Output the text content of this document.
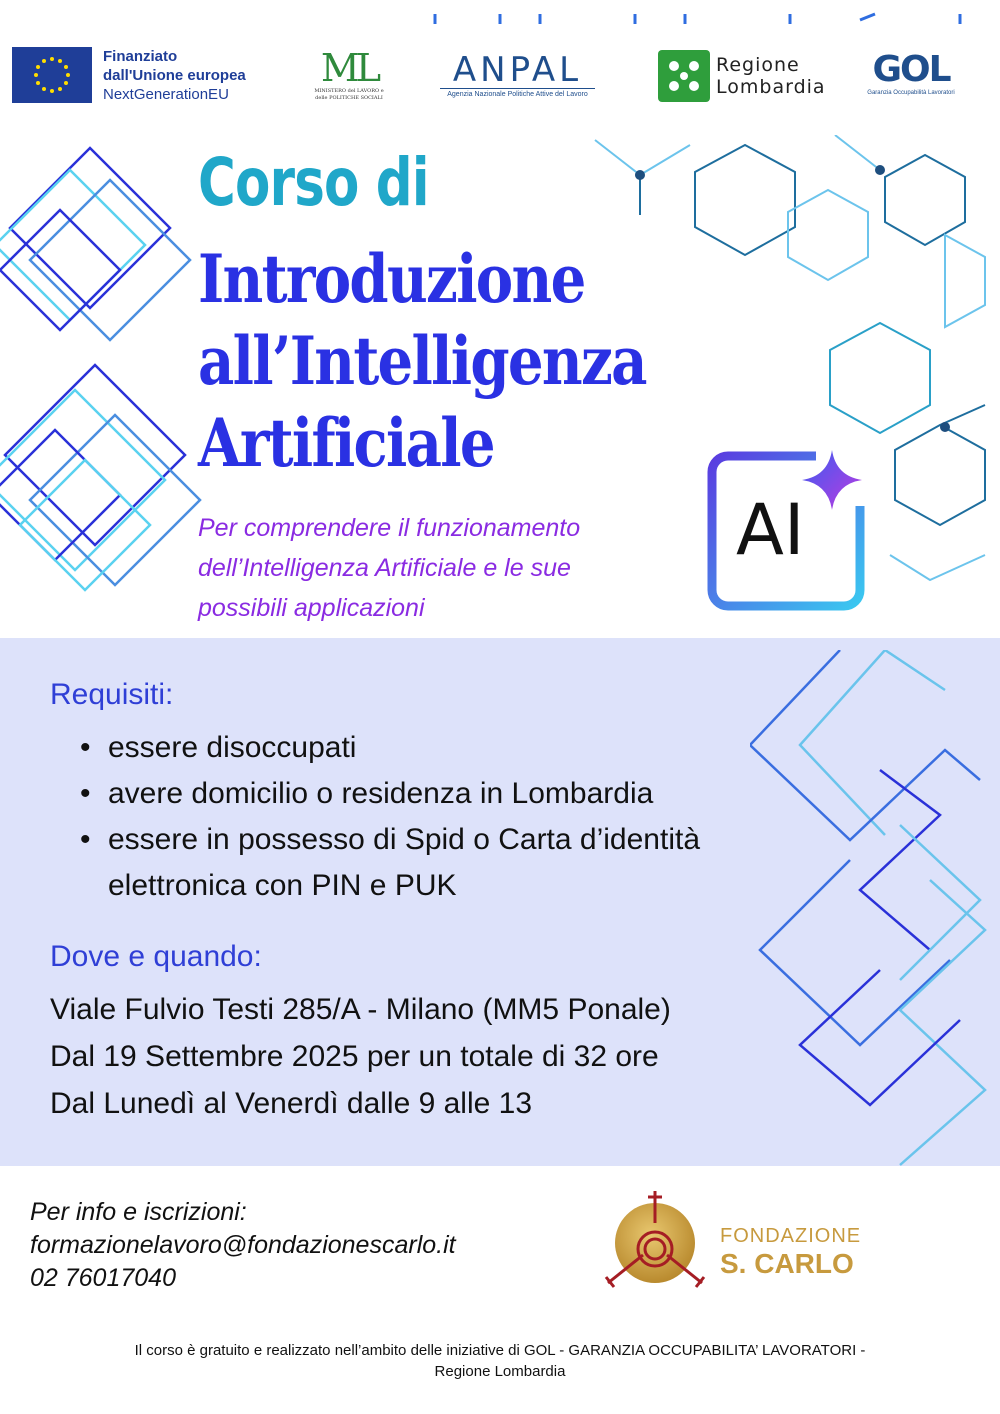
Finanziato
dall'Unione europea
NextGenerationEU
ML
MINISTERO del LAVORO e delle POLITICHE SOCIALI
ANPAL
Agenzia Nazionale Politiche Attive del Lavoro
Regione
Lombardia GOL
Garanzia Occupabilità Lavoratori
Corso di
Introduzione
all’Intelligenza
Artificiale
Per comprendere il funzionamento
dell’Intelligenza Artificiale e le sue
possibili applicazioni
AI
Requisiti:
• essere disoccupati
• avere domicilio o residenza in Lombardia
• essere in possesso di Spid o Carta d’identità elettronica con PIN e PUK
Dove e quando:
Viale Fulvio Testi 285/A - Milano (MM5 Ponale)
Dal 19 Settembre 2025 per un totale di 32 ore
Dal Lunedì al Venerdì dalle 9 alle 13
Per info e iscrizioni:
formazionelavoro@fondazionescarlo.it
02 76017040
FONDAZIONE
S. CARLO
Il corso è gratuito e realizzato nell’ambito delle iniziative di GOL - GARANZIA OCCUPABILITA’ LAVORATORI -
Regione Lombardia
